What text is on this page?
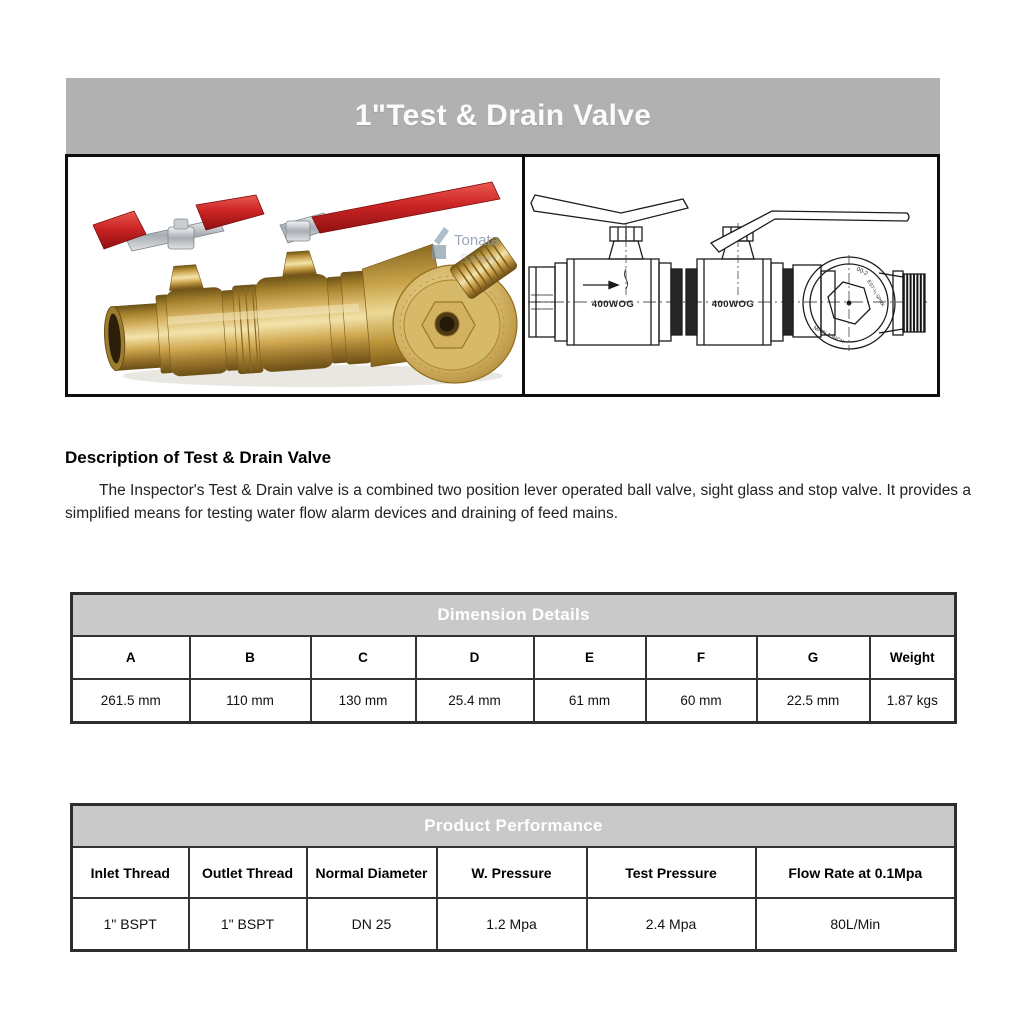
1"Test & Drain Valve
Tonata
Safety
400WOG	400WOG
00-2
EST-½ SPRK
MAIN 1 INCH
Description of Test & Drain Valve
The Inspector's Test & Drain valve is a combined two position lever operated ball valve, sight glass and stop valve. It provides a simplified means for testing water flow alarm devices and draining of feed mains.
Dimension Details							
A	B	C	D	E	F	G	Weight
261.5 mm	110 mm	130 mm	25.4 mm	61 mm	60 mm	22.5 mm	1.87 kgs
Product Performance					
Inlet Thread	Outlet Thread	Normal Diameter	W. Pressure	Test Pressure	Flow Rate at 0.1Mpa
1" BSPT	1" BSPT	DN 25	1.2 Mpa	2.4 Mpa	80L/Min
